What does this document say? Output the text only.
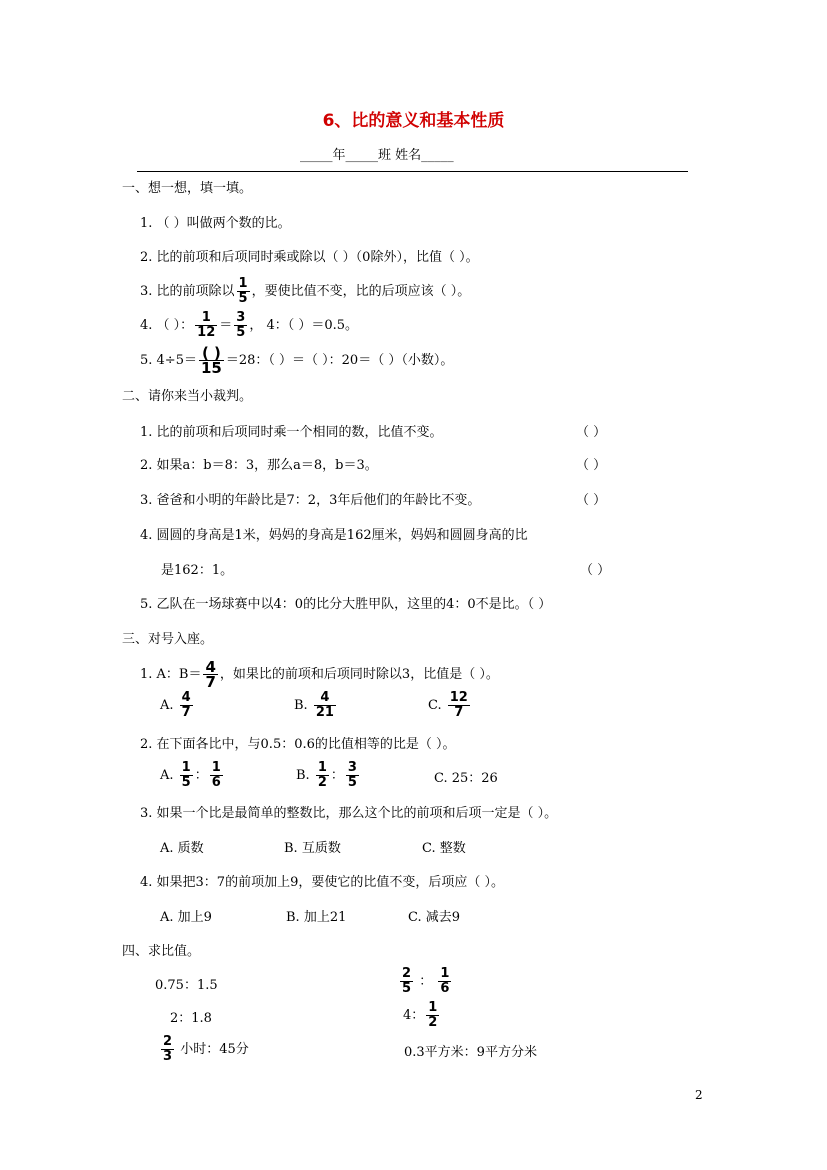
6、比的意义和基本性质
_____年_____班 姓名_____
一、想一想，填一填。
1. （ ）叫做两个数的比。
2. 比的前项和后项同时乘或除以（ ）（0除外），比值（ ）。
3. 比的前项除以 $\frac{1}{5}$ ，要使比值不变，比的后项应该（ ）。
4. （ ）： $\frac{1}{12} = \frac{3}{5}$ ， 4：（ ）＝0.5。
5. $4\div 5= \frac{( )}{15} =28$：（ ）＝（ ）：20＝（ ）（小数）。
二、请你来当小裁判。
1. 比的前项和后项同时乘一个相同的数，比值不变。	（ ）
2. 如果a：b＝8：3，那么a＝8，b＝3。	（ ）
3. 爸爸和小明的年龄比是7：2，3年后他们的年龄比不变。	（ ）
4. 圆圆的身高是1米，妈妈的身高是162厘米，妈妈和圆圆身高的比
是162：1。	（ ）
5. 乙队在一场球赛中以4：0的比分大胜甲队，这里的4：0不是比。（ ）
三、对号入座。
1. A：$B= \frac{4}{7}$ ，如果比的前项和后项同时除以3，比值是（ ）。
A. $\frac{4}{7}$	B. $\frac{4}{21}$	C. $\frac{12}{7}$
2. 在下面各比中，与0.5：0.6的比值相等的比是（ ）。
A. $\frac{1}{5}$ ： $\frac{1}{6}$	B. $\frac{1}{2}$ ： $\frac{3}{5}$	C. 25：26
3. 如果一个比是最简单的整数比，那么这个比的前项和后项一定是（ ）。
A. 质数	B. 互质数	C. 整数
4. 如果把3：7的前项加上9，要使它的比值不变，后项应（ ）。
A. 加上9	B. 加上21	C. 减去9
四、求比值。
0.75：1.5	$\frac{2}{5}$ ： $\frac{1}{6}$
2：1.8	4： $\frac{1}{2}$
$\frac{2}{3}$ 小时：45分	0.3平方米：9平方分米
2
